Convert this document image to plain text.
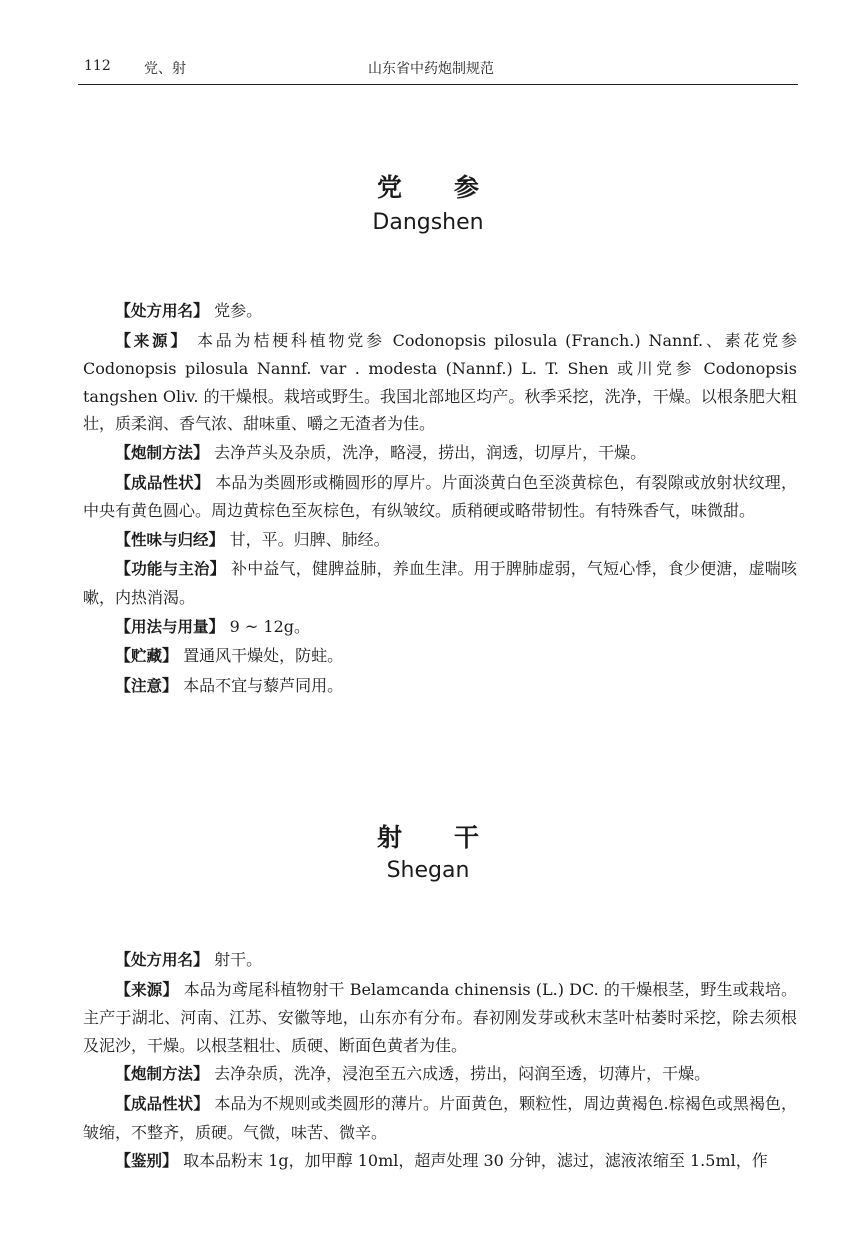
112 党、射	山东省中药炮制规范
党参
Dangshen

【处方用名】 党参。

【来源】 本品为桔梗科植物党参 Codonopsis pilosula (Franch.) Nannf.、素花党参 Codonopsis pilosula Nannf. var . modesta (Nannf.) L. T. Shen 或川党参 Codonopsis tangshen Oliv. 的干燥根。栽培或野生。我国北部地区均产。秋季采挖，洗净，干燥。以根条肥大粗壮，质柔润、香气浓、甜味重、嚼之无渣者为佳。

【炮制方法】 去净芦头及杂质，洗净，略浸，捞出，润透，切厚片，干燥。

【成品性状】 本品为类圆形或椭圆形的厚片。片面淡黄白色至淡黄棕色，有裂隙或放射状纹理，中央有黄色圆心。周边黄棕色至灰棕色，有纵皱纹。质稍硬或略带韧性。有特殊香气，味微甜。

【性味与归经】 甘，平。归脾、肺经。

【功能与主治】 补中益气，健脾益肺，养血生津。用于脾肺虚弱，气短心悸，食少便溏，虚喘咳嗽，内热消渴。

【用法与用量】 9 ~ 12g。

【贮藏】 置通风干燥处，防蛀。

【注意】 本品不宜与藜芦同用。

射干
Shegan

【处方用名】 射干。

【来源】 本品为鸢尾科植物射干 Belamcanda chinensis (L.) DC. 的干燥根茎，野生或栽培。主产于湖北、河南、江苏、安徽等地，山东亦有分布。春初刚发芽或秋末茎叶枯萎时采挖，除去须根及泥沙，干燥。以根茎粗壮、质硬、断面色黄者为佳。

【炮制方法】 去净杂质，洗净，浸泡至五六成透，捞出，闷润至透，切薄片，干燥。

【成品性状】 本品为不规则或类圆形的薄片。片面黄色，颗粒性，周边黄褐色.棕褐色或黑褐色，皱缩，不整齐，质硬。气微，味苦、微辛。

【鉴别】 取本品粉末 1g，加甲醇 10ml，超声处理 30 分钟，滤过，滤液浓缩至 1.5ml，作
